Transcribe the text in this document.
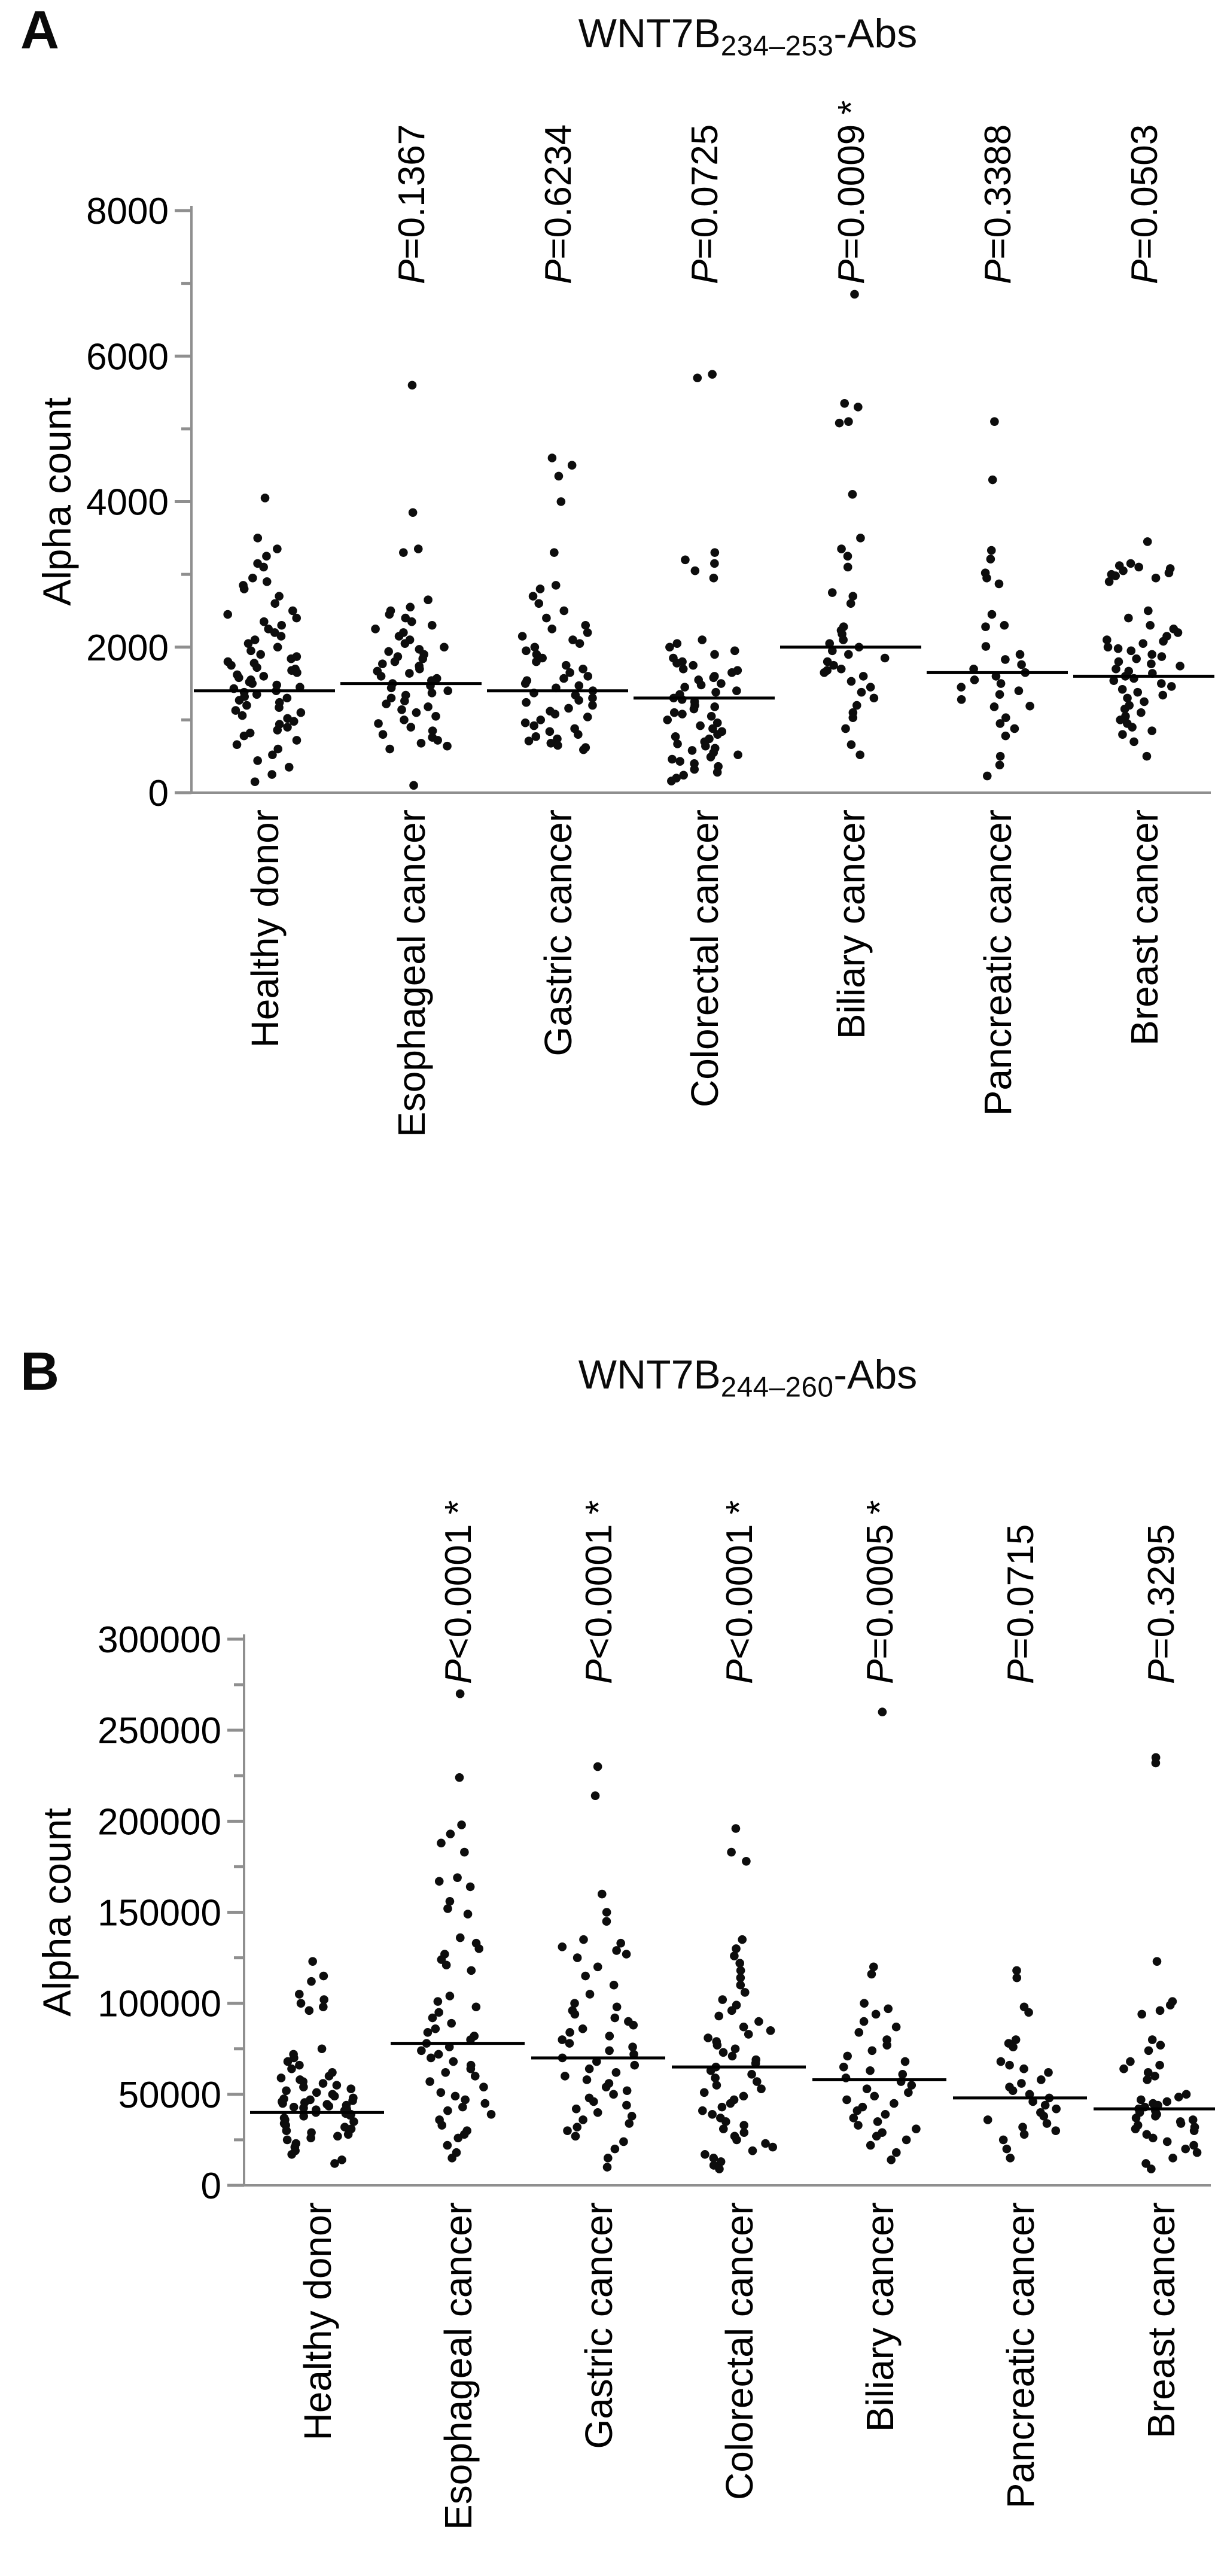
A	$WNT7B_{234-253}$-Abs
B	$WNT7B_{244-260}$-Abs
0
2000
4000
6000
8000
Alpha count
Healthy donor	Esophageal cancer
P=0.1367
Gastric cancer
P=0.6234
Colorectal cancer
P=0.0725
Biliary cancer
P=0.0009*
Pancreatic cancer
P=0.3388
Breast cancer
P=0.0503
0
50000
100000
150000
200000
250000
300000
Alpha count
Healthy donor	Esophageal cancer
P<0.0001*
Gastric cancer
P<0.0001*
Colorectal cancer
P<0.0001*
Biliary cancer
P=0.0005*
Pancreatic cancer
P=0.0715
Breast cancer
P=0.3295
